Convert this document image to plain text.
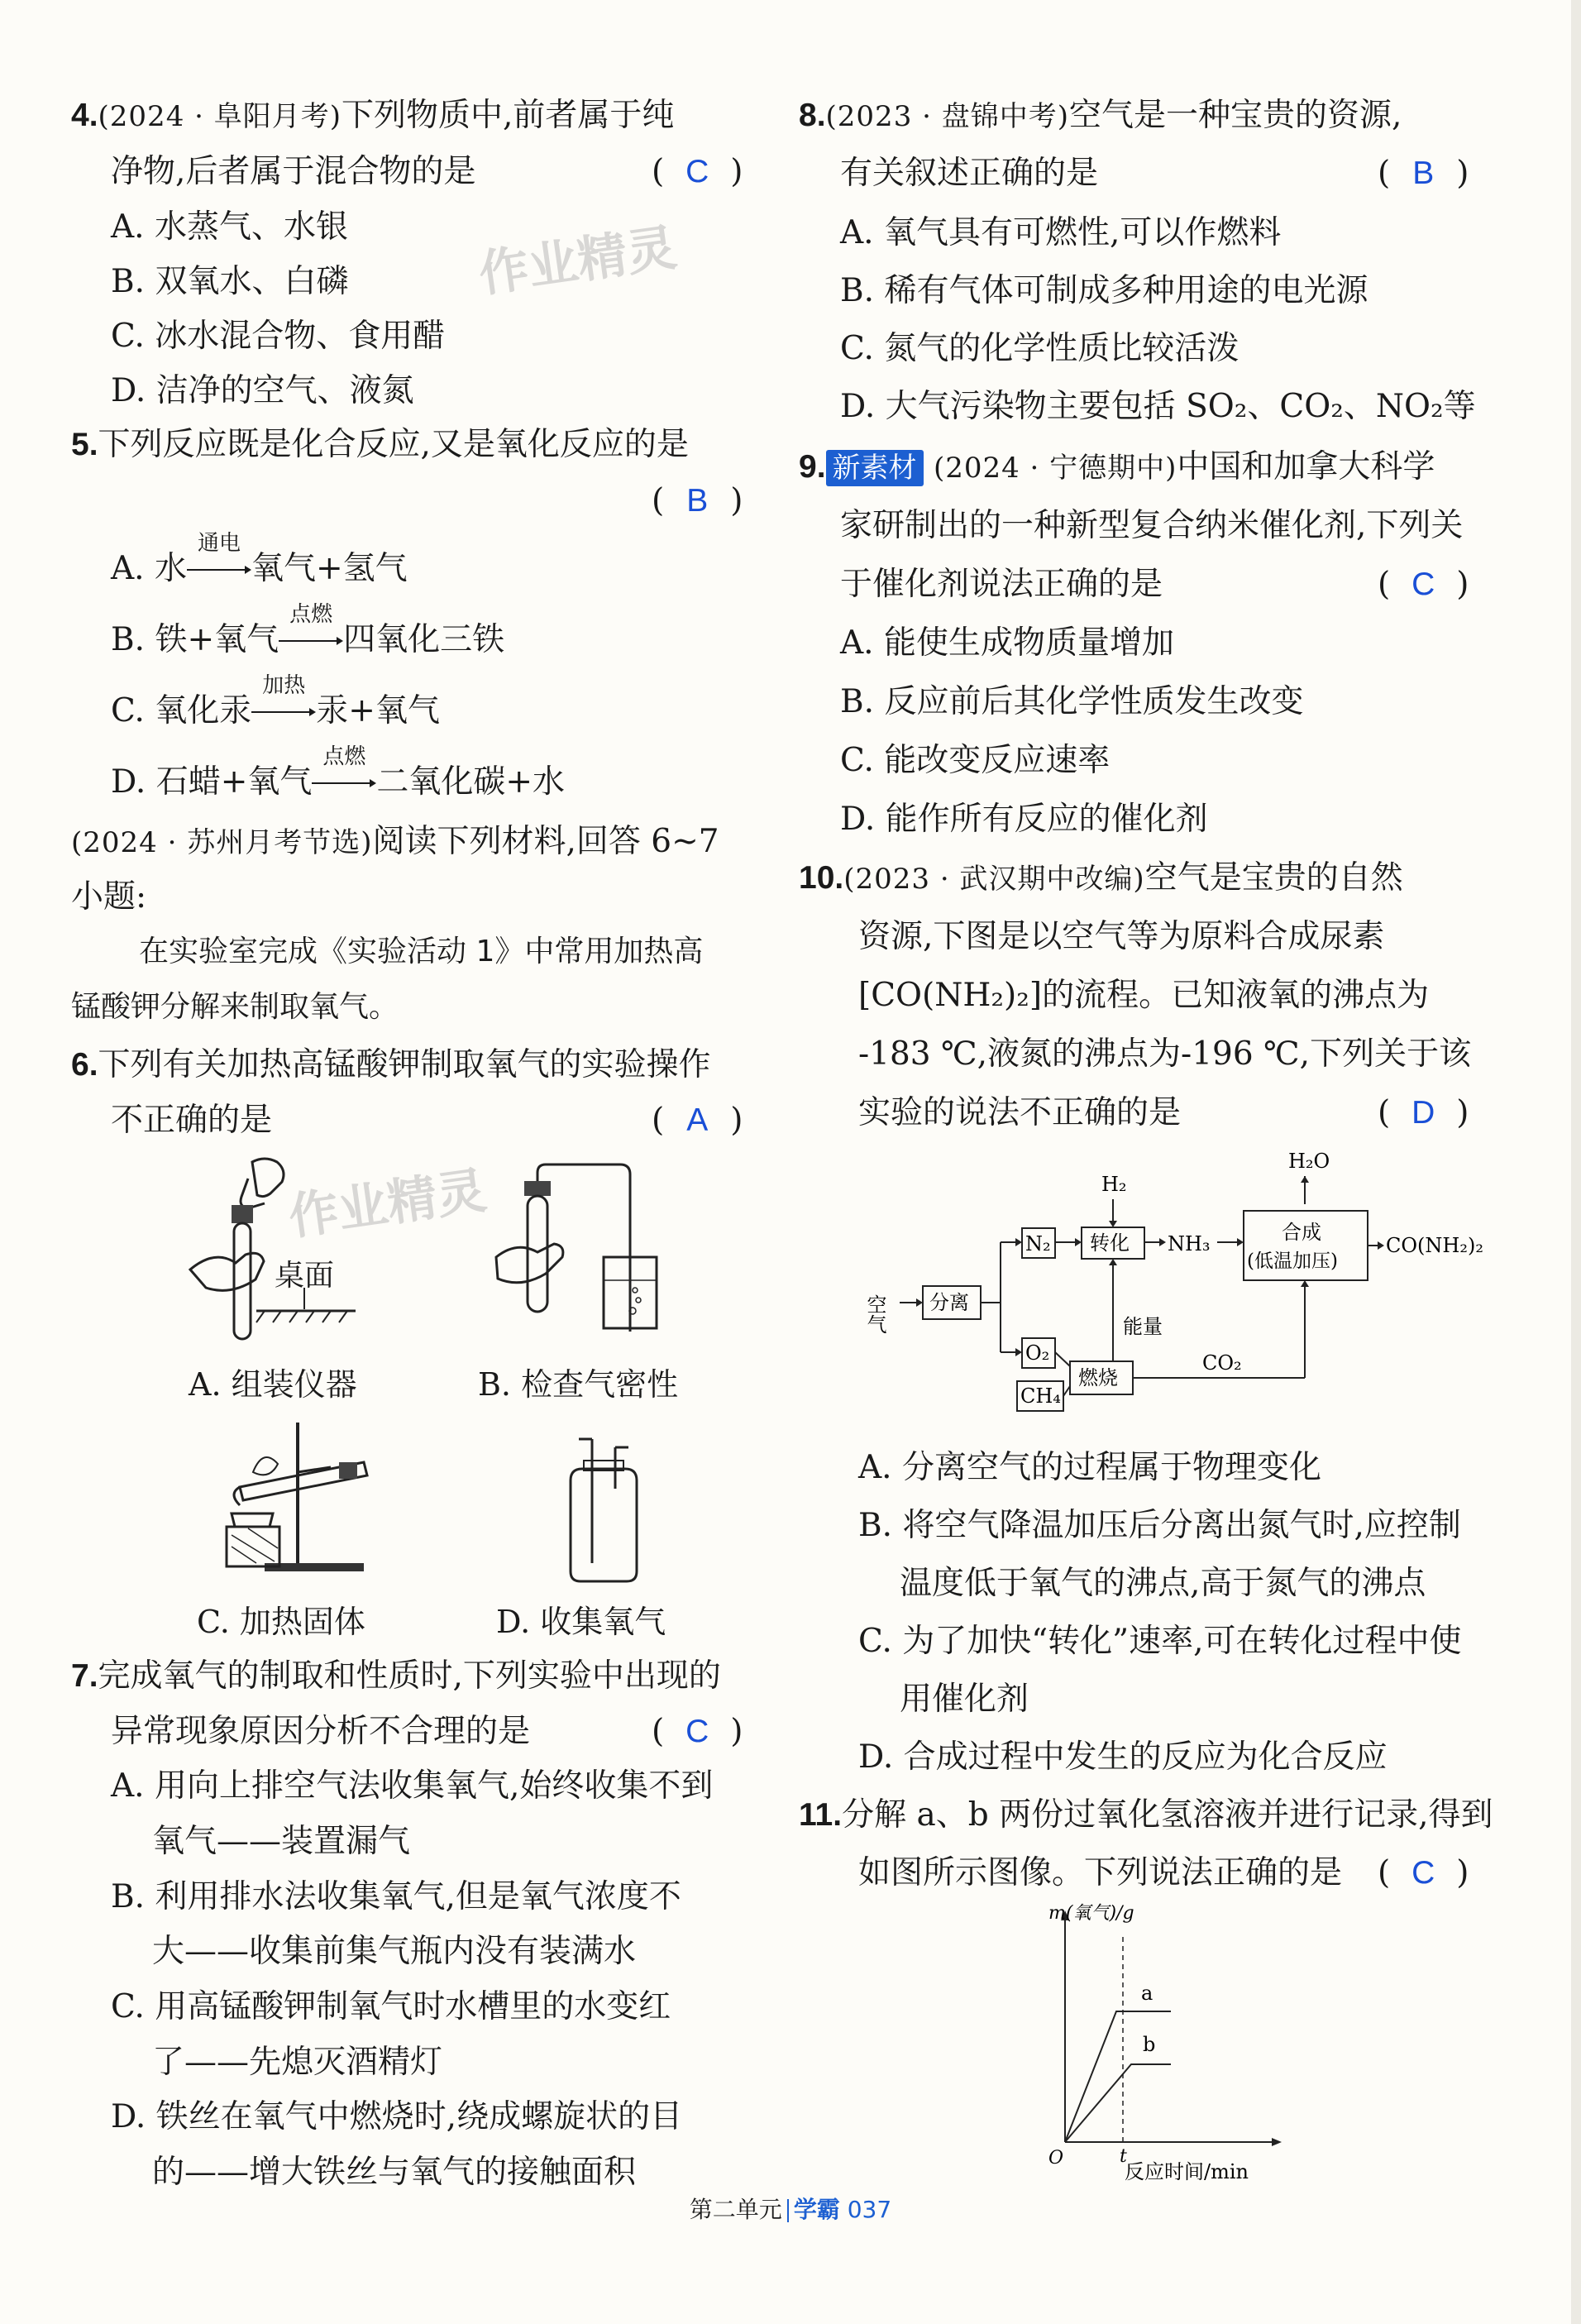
作业精灵
作业精灵
4.(2024 · 阜阳月考)下列物质中,前者属于纯
净物,后者属于混合物的是	( C )
A. 水蒸气、水银
B. 双氧水、白磷
C. 冰水混合物、食用醋
D. 洁净的空气、液氮
5.下列反应既是化合反应,又是氧化反应的是
( B )
A. 水
通电
氧气+氢气
B. 铁+氧气
点燃
四氧化三铁
C. 氧化汞
加热
汞+氧气
D. 石蜡+氧气
点燃
二氧化碳+水
(2024 · 苏州月考节选)阅读下列材料,回答 6~7
小题:
在实验室完成《实验活动 1》中常用加热高
锰酸钾分解来制取氧气。
6.下列有关加热高锰酸钾制取氧气的实验操作
不正确的是	( A )
桌面
A. 组装仪器	B. 检查气密性
C. 加热固体	D. 收集氧气
7.完成氧气的制取和性质时,下列实验中出现的
异常现象原因分析不合理的是	( C )
A. 用向上排空气法收集氧气,始终收集不到
氧气——装置漏气
B. 利用排水法收集氧气,但是氧气浓度不
大——收集前集气瓶内没有装满水
C. 用高锰酸钾制氧气时水槽里的水变红
了——先熄灭酒精灯
D. 铁丝在氧气中燃烧时,绕成螺旋状的目
的——增大铁丝与氧气的接触面积
8.(2023 · 盘锦中考)空气是一种宝贵的资源,
有关叙述正确的是	( B )
A. 氧气具有可燃性,可以作燃料
B. 稀有气体可制成多种用途的电光源
C. 氮气的化学性质比较活泼
D. 大气污染物主要包括 SO₂、CO₂、NO₂等
9. 新素材 (2024 · 宁德期中)中国和加拿大科学
家研制出的一种新型复合纳米催化剂,下列关
于催化剂说法正确的是	( C )
A. 能使生成物质量增加
B. 反应前后其化学性质发生改变
C. 能改变反应速率
D. 能作所有反应的催化剂
10.(2023 · 武汉期中改编)空气是宝贵的自然
资源,下图是以空气等为原料合成尿素
[CO(NH₂)₂]的流程。已知液氧的沸点为
-183 ℃,液氮的沸点为-196 ℃,下列关于该
实验的说法不正确的是	( D )
空气 分离
N₂
O₂
CH₄
转化
H₂
NH₃	合成
(低温加压)
H₂O
CO(NH₂)₂
燃烧
能量
CO₂
A. 分离空气的过程属于物理变化
B. 将空气降温加压后分离出氮气时,应控制
温度低于氧气的沸点,高于氮气的沸点
C. 为了加快“转化”速率,可在转化过程中使
用催化剂
D. 合成过程中发生的反应为化合反应
11.分解 a、b 两份过氧化氢溶液并进行记录,得到
如图所示图像。下列说法正确的是 ( C )
m(氧气)/g
反应时间/min
O	t
a
b
第二单元 学霸 037
